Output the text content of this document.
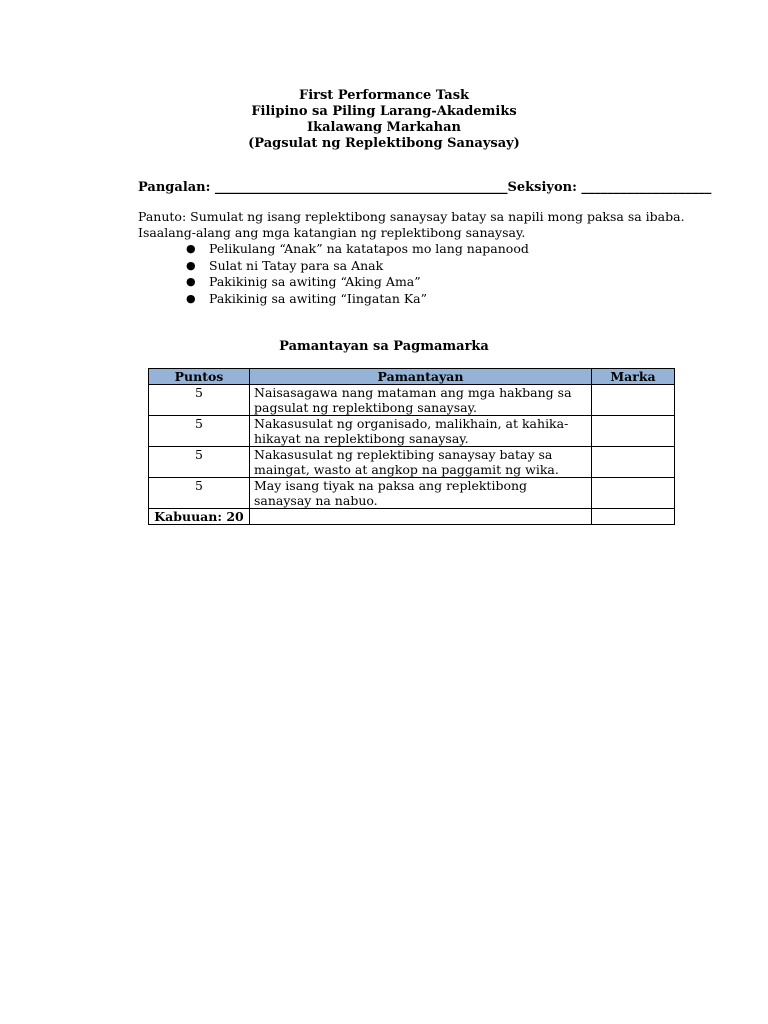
First Performance Task
Filipino sa Piling Larang-Akademiks
Ikalawang Markahan
(Pagsulat ng Replektibong Sanaysay)
Pangalan: _____________________________________________Seksiyon: ____________________
Panuto: Sumulat ng isang replektibong sanaysay batay sa napili mong paksa sa ibaba.
Isaalang-alang ang mga katangian ng replektibong sanaysay.
● Pelikulang “Anak” na katatapos mo lang napanood
● Sulat ni Tatay para sa Anak
● Pakikinig sa awiting “Aking Ama”
● Pakikinig sa awiting “Iingatan Ka”
Pamantayan sa Pagmamarka
Puntos	Pamantayan	Marka
5	Naisasagawa nang mataman ang mga hakbang sa pagsulat ng replektibong sanaysay.	
5	Nakasusulat ng organisado, malikhain, at kahika-hikayat na replektibong sanaysay.	
5	Nakasusulat ng replektibing sanaysay batay sa maingat, wasto at angkop na paggamit ng wika.	
5	May isang tiyak na paksa ang replektibong sanaysay na nabuo.	
Kabuuan: 20		
